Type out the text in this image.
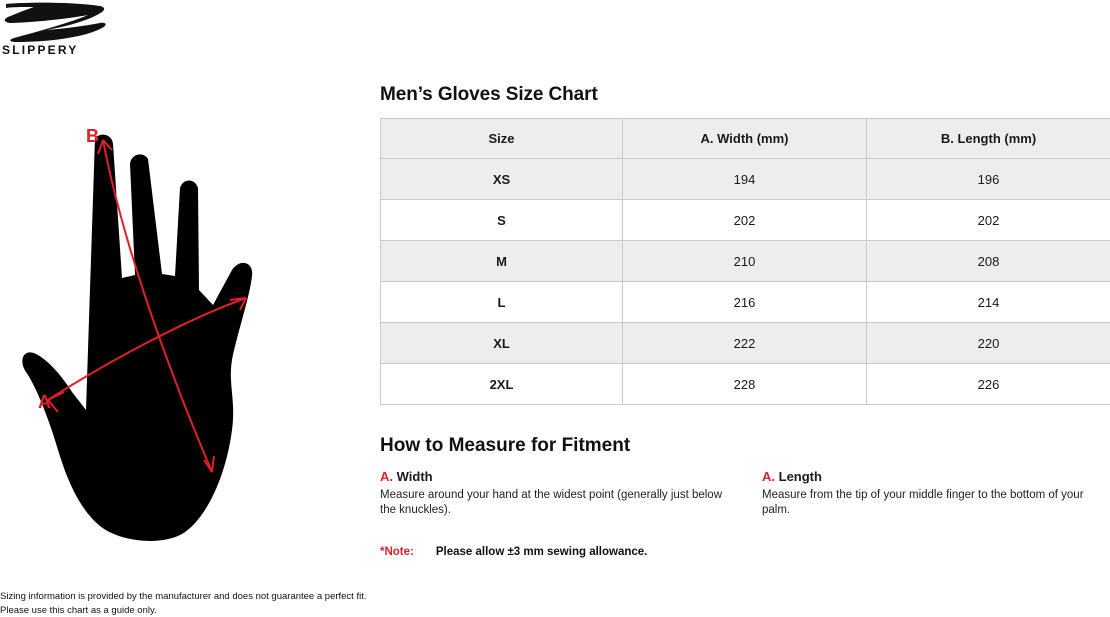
SLIPPERY
A
B
Men’s Gloves Size Chart
Size	A. Width (mm)	B. Length (mm)
XS	194	196
S	202	202
M	210	208
L	216	214
XL	222	220
2XL	228	226
How to Measure for Fitment
A. Width
Measure around your hand at the widest point (generally just below the knuckles).
A. Length
Measure from the tip of your middle finger to the bottom of your palm.
*Note: Please allow ±3 mm sewing allowance.
Sizing information is provided by the manufacturer and does not guarantee a perfect fit.
Please use this chart as a guide only.
